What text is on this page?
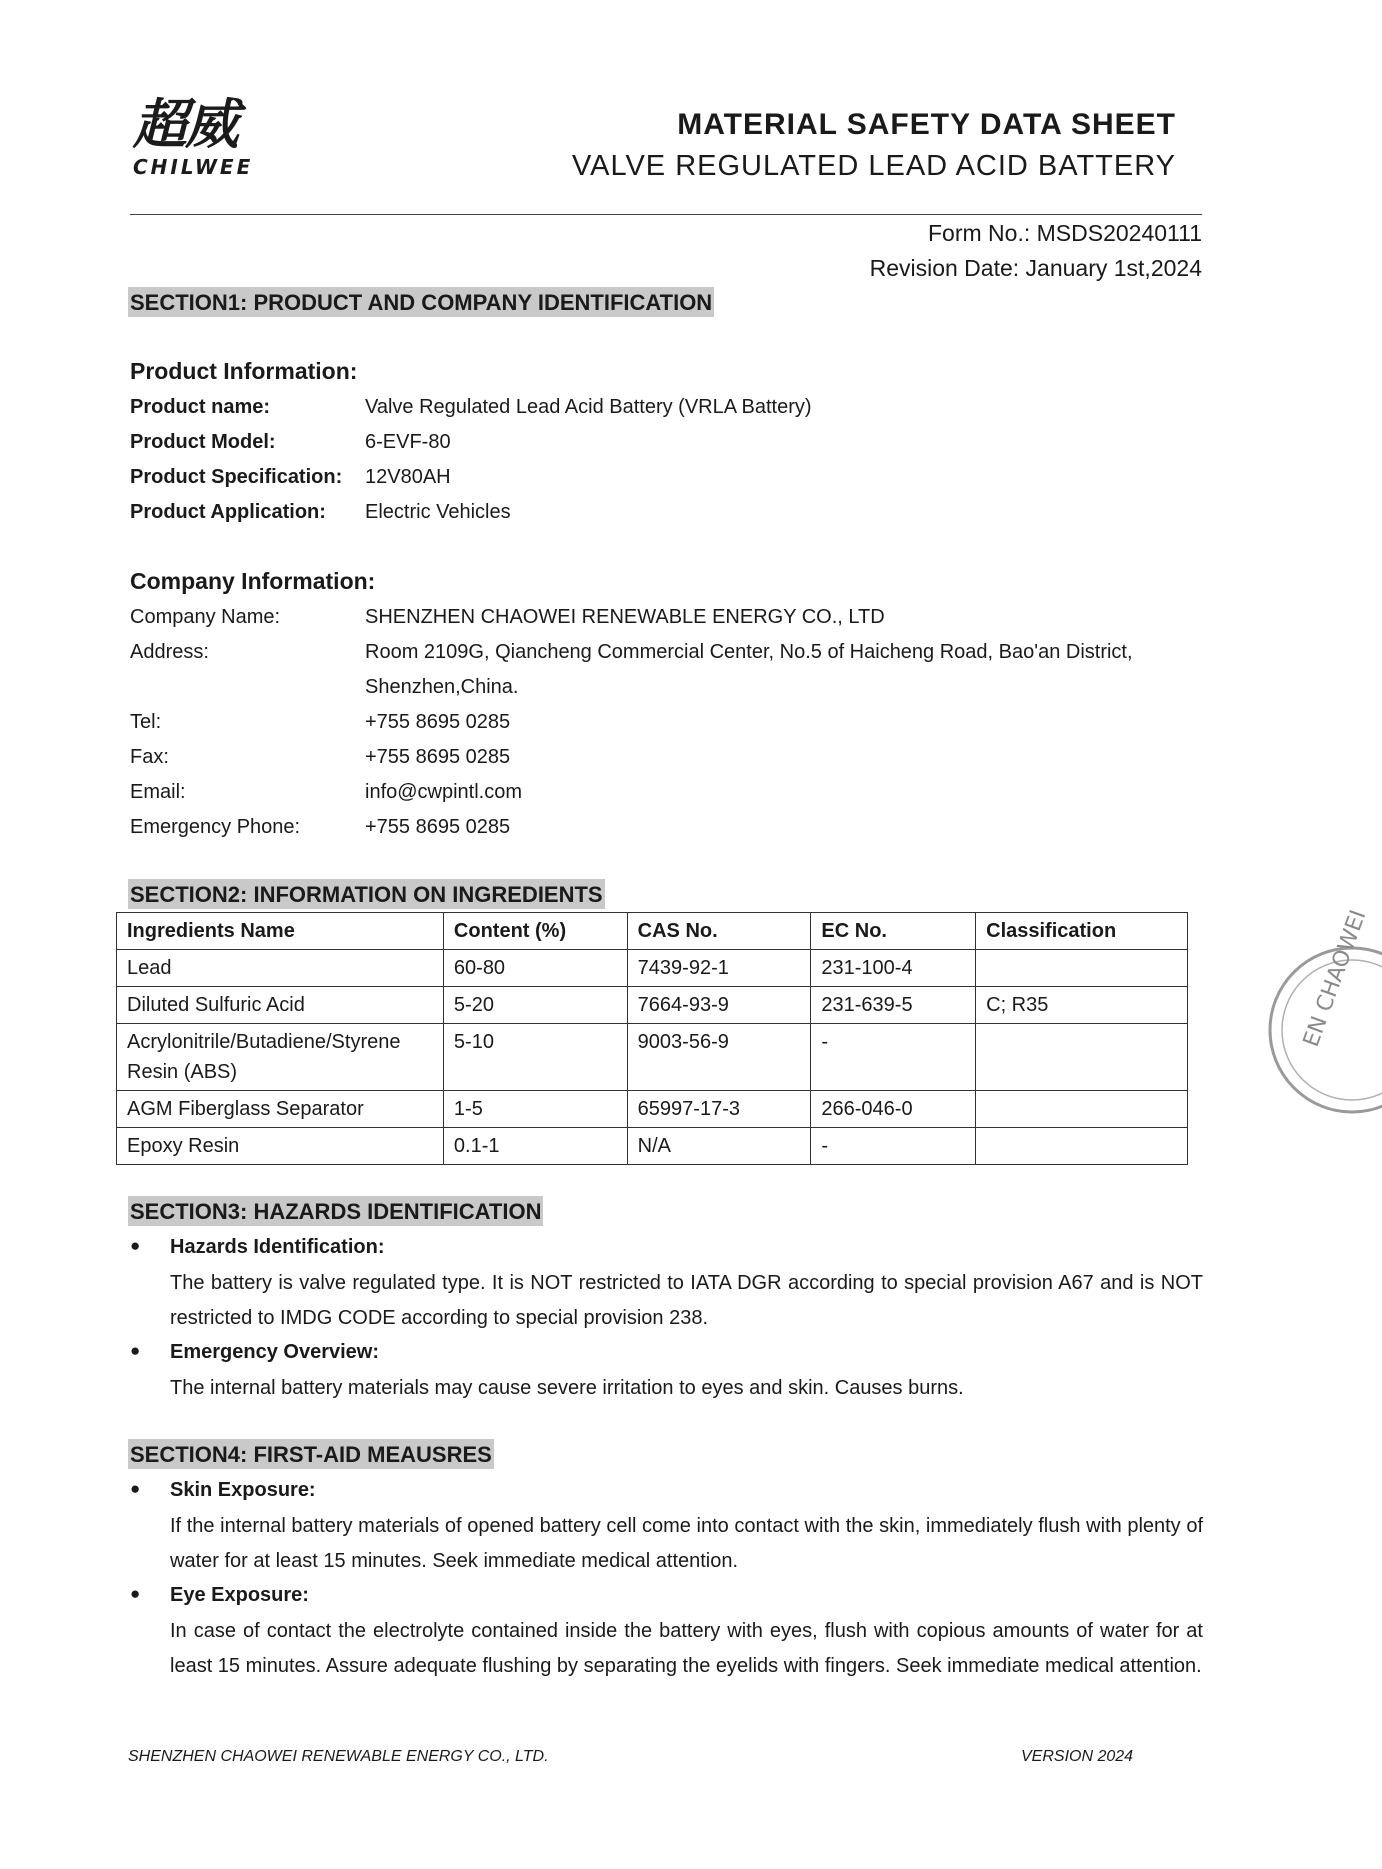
超威
CHILWEE
MATERIAL SAFETY DATA SHEET
VALVE REGULATED LEAD ACID BATTERY
Form No.: MSDS20240111
Revision Date: January 1st,2024
SECTION1: PRODUCT AND COMPANY IDENTIFICATION
Product Information:
Product name:	Valve Regulated Lead Acid Battery (VRLA Battery)
Product Model:	6-EVF-80
Product Specification: 12V80AH
Product Application: Electric Vehicles
Company Information:
Company Name:	SHENZHEN CHAOWEI RENEWABLE ENERGY CO., LTD
Address:	Room 2109G, Qiancheng Commercial Center, No.5 of Haicheng Road, Bao'an District,
Shenzhen,China.
Tel:	+755 8695 0285
Fax:	+755 8695 0285
Email:	info@cwpintl.com
Emergency Phone:	+755 8695 0285
SECTION2: INFORMATION ON INGREDIENTS
Ingredients Name	Content (%)	CAS No.	EC No.	Classification
Lead	60-80	7439-92-1	231-100-4	
Diluted Sulfuric Acid	5-20	7664-93-9	231-639-5	C; R35
Acrylonitrile/Butadiene/Styrene Resin (ABS)	5-10	9003-56-9	-	
AGM Fiberglass Separator	1-5	65997-17-3	266-046-0	
Epoxy Resin	0.1-1	N/A	-	
SECTION3: HAZARDS IDENTIFICATION
● Hazards Identification:
The battery is valve regulated type. It is NOT restricted to IATA DGR according to special provision A67 and is NOT restricted to IMDG CODE according to special provision 238.
● Emergency Overview:
The internal battery materials may cause severe irritation to eyes and skin. Causes burns.
SECTION4: FIRST-AID MEAUSRES
● Skin Exposure:
If the internal battery materials of opened battery cell come into contact with the skin, immediately flush with plenty of water for at least 15 minutes. Seek immediate medical attention.
● Eye Exposure:
In case of contact the electrolyte contained inside the battery with eyes, flush with copious amounts of water for at least 15 minutes. Assure adequate flushing by separating the eyelids with fingers. Seek immediate medical attention.
SHENZHEN CHAOWEI RENEWABLE ENERGY CO., LTD.	VERSION 2024
EN CHAOWEI
